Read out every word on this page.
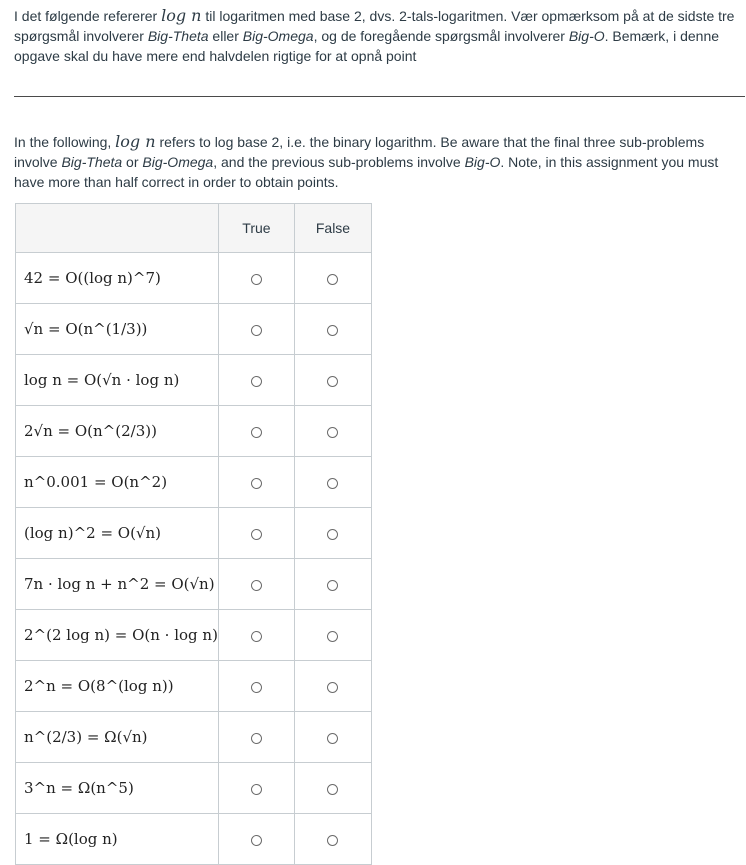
I det følgende refererer log n til logaritmen med base 2, dvs. 2-tals-logaritmen. Vær opmærksom på at de sidste tre spørgsmål involverer Big-Theta eller Big-Omega, og de foregående spørgsmål involverer Big-O. Bemærk, i denne opgave skal du have mere end halvdelen rigtige for at opnå point
In the following, log n refers to log base 2, i.e. the binary logarithm. Be aware that the final three sub-problems involve Big-Theta or Big-Omega, and the previous sub-problems involve Big-O. Note, in this assignment you must have more than half correct in order to obtain points.
	True	False
42 = O((log n)^7)		
√n = O(n^(1/3))		
log n = O(√n · log n)		
2√n = O(n^(2/3))		
n^0.001 = O(n^2)		
(log n)^2 = O(√n)		
7n · log n + n^2 = O(√n)		
2^(2 log n) = O(n · log n)		
2^n = O(8^(log n))		
n^(2/3) = Ω(√n)		
3^n = Ω(n^5)		
1 = Ω(log n)		
